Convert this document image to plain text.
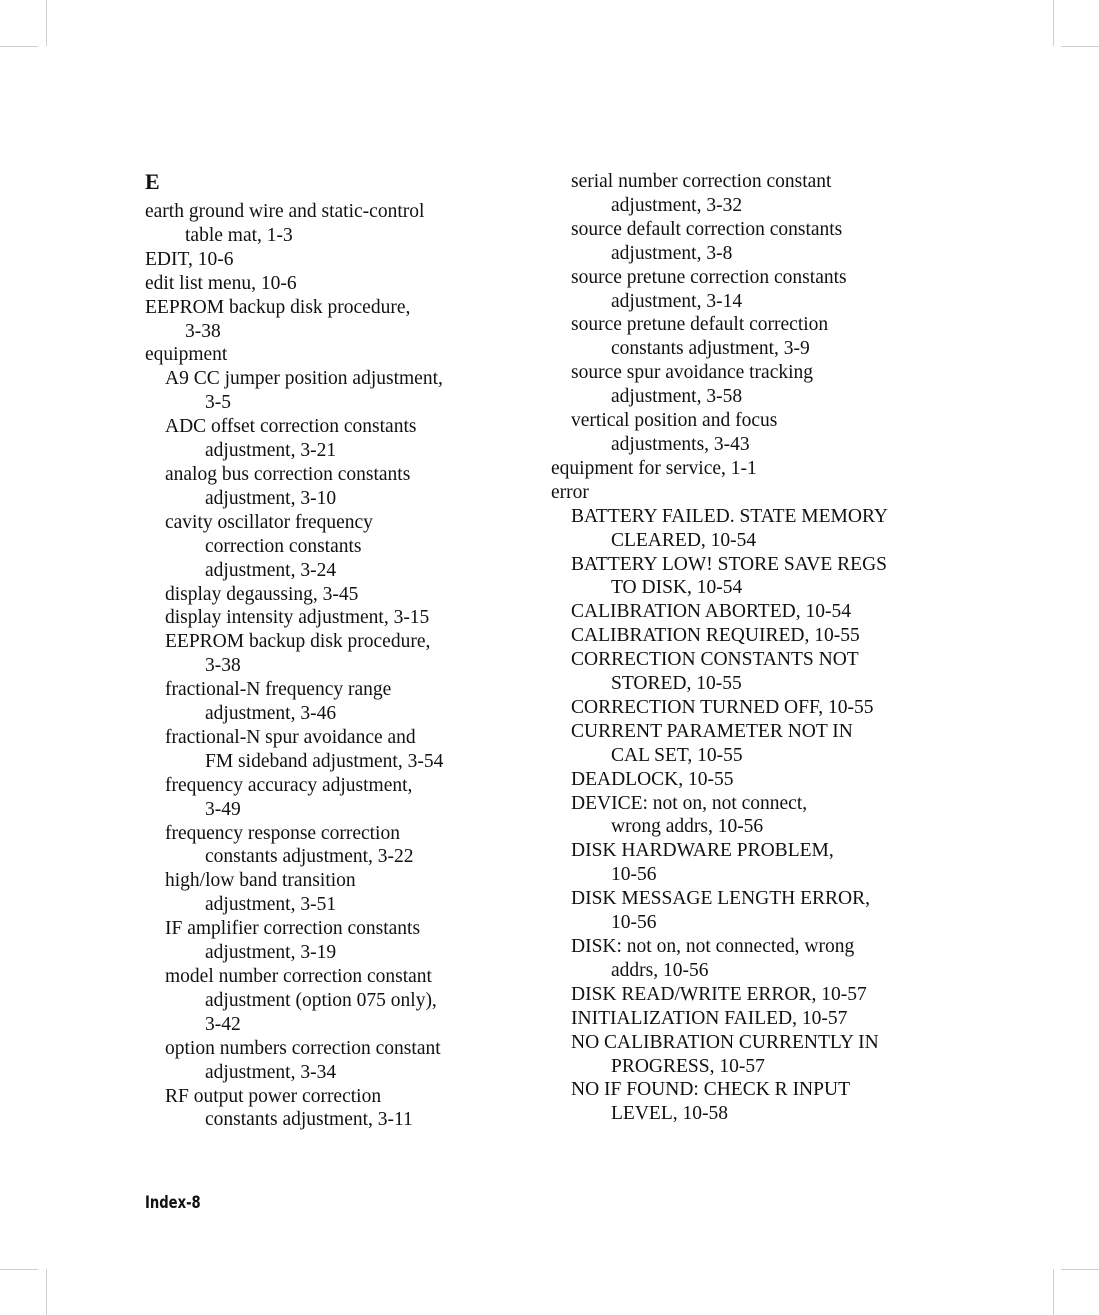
E
earth ground wire and static-control
table mat, 1-3
EDIT, 10-6
edit list menu, 10-6
EEPROM backup disk procedure,
3-38
equipment
A9 CC jumper position adjustment,
3-5
ADC offset correction constants
adjustment, 3-21
analog bus correction constants
adjustment, 3-10
cavity oscillator frequency
correction constants
adjustment, 3-24
display degaussing, 3-45
display intensity adjustment, 3-15
EEPROM backup disk procedure,
3-38
fractional-N frequency range
adjustment, 3-46
fractional-N spur avoidance and
FM sideband adjustment, 3-54
frequency accuracy adjustment,
3-49
frequency response correction
constants adjustment, 3-22
high/low band transition
adjustment, 3-51
IF amplifier correction constants
adjustment, 3-19
model number correction constant
adjustment (option 075 only),
3-42
option numbers correction constant
adjustment, 3-34
RF output power correction
constants adjustment, 3-11
serial number correction constant
adjustment, 3-32
source default correction constants
adjustment, 3-8
source pretune correction constants
adjustment, 3-14
source pretune default correction
constants adjustment, 3-9
source spur avoidance tracking
adjustment, 3-58
vertical position and focus
adjustments, 3-43
equipment for service, 1-1
error
BATTERY FAILED. STATE MEMORY
CLEARED, 10-54
BATTERY LOW! STORE SAVE REGS
TO DISK, 10-54
CALIBRATION ABORTED, 10-54
CALIBRATION REQUIRED, 10-55
CORRECTION CONSTANTS NOT
STORED, 10-55
CORRECTION TURNED OFF, 10-55
CURRENT PARAMETER NOT IN
CAL SET, 10-55
DEADLOCK, 10-55
DEVICE: not on, not connect,
wrong addrs, 10-56
DISK HARDWARE PROBLEM,
10-56
DISK MESSAGE LENGTH ERROR,
10-56
DISK: not on, not connected, wrong
addrs, 10-56
DISK READ/WRITE ERROR, 10-57
INITIALIZATION FAILED, 10-57
NO CALIBRATION CURRENTLY IN
PROGRESS, 10-57
NO IF FOUND: CHECK R INPUT
LEVEL, 10-58
Index-8
